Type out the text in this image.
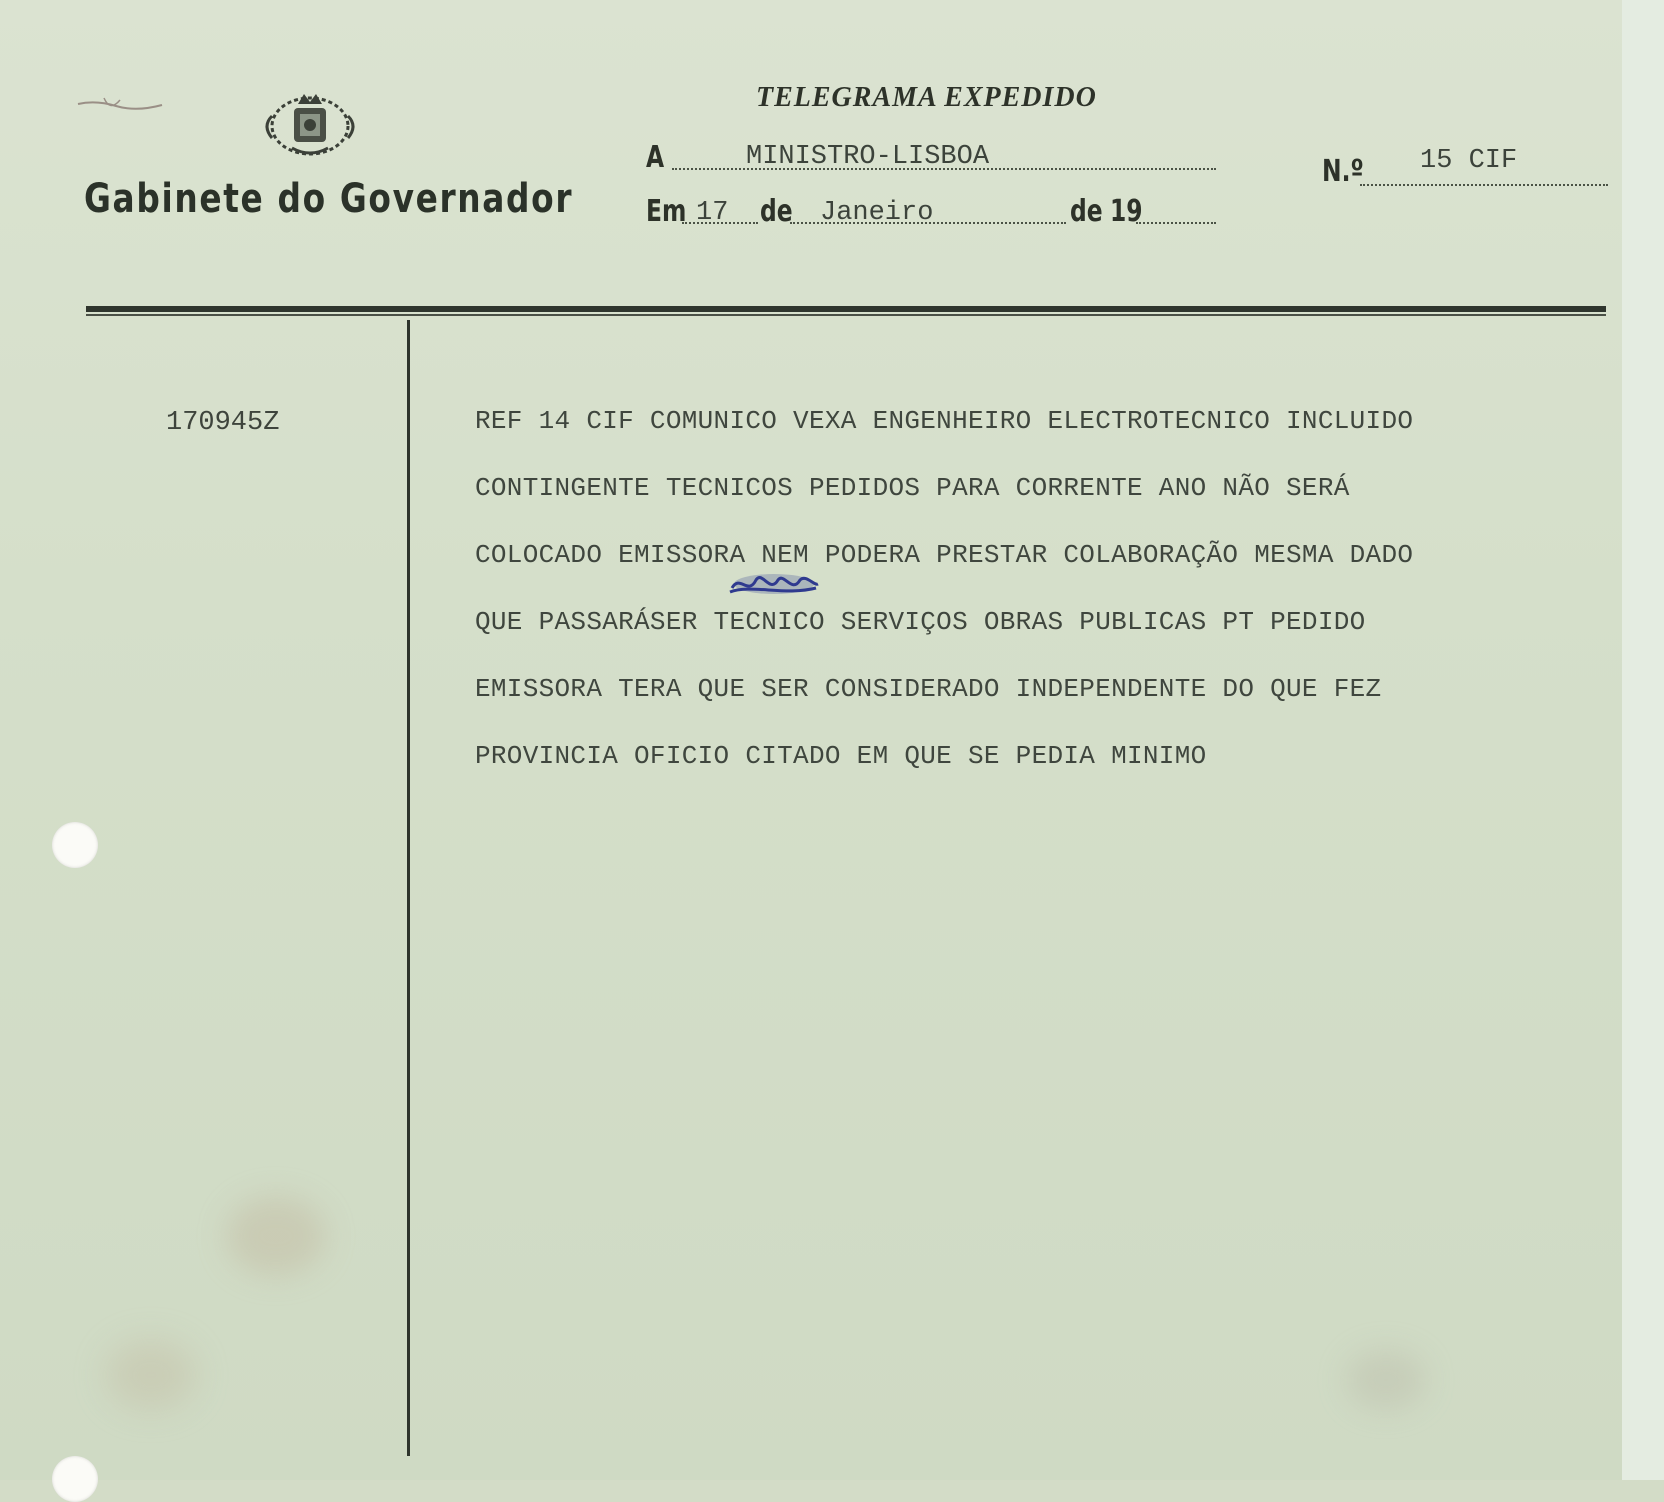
Gabinete do Governador
TELEGRAMA EXPEDIDO
A	MINISTRO-LISBOA
Em 17 de Janeiro	de 19
N.º 15 CIF
170945Z	REF 14 CIF COMUNICO VEXA ENGENHEIRO ELECTROTECNICO INCLUIDO
CONTINGENTE TECNICOS PEDIDOS PARA CORRENTE ANO NÃO SERÁ
COLOCADO EMISSORA NEM PODERA PRESTAR COLABORAÇÃO MESMA DADO
QUE PASSARÁSER TECNICO SERVIÇOS OBRAS PUBLICAS PT PEDIDO
EMISSORA TERA QUE SER CONSIDERADO INDEPENDENTE DO QUE FEZ
PROVINCIA OFICIO CITADO EM QUE SE PEDIA MINIMO
